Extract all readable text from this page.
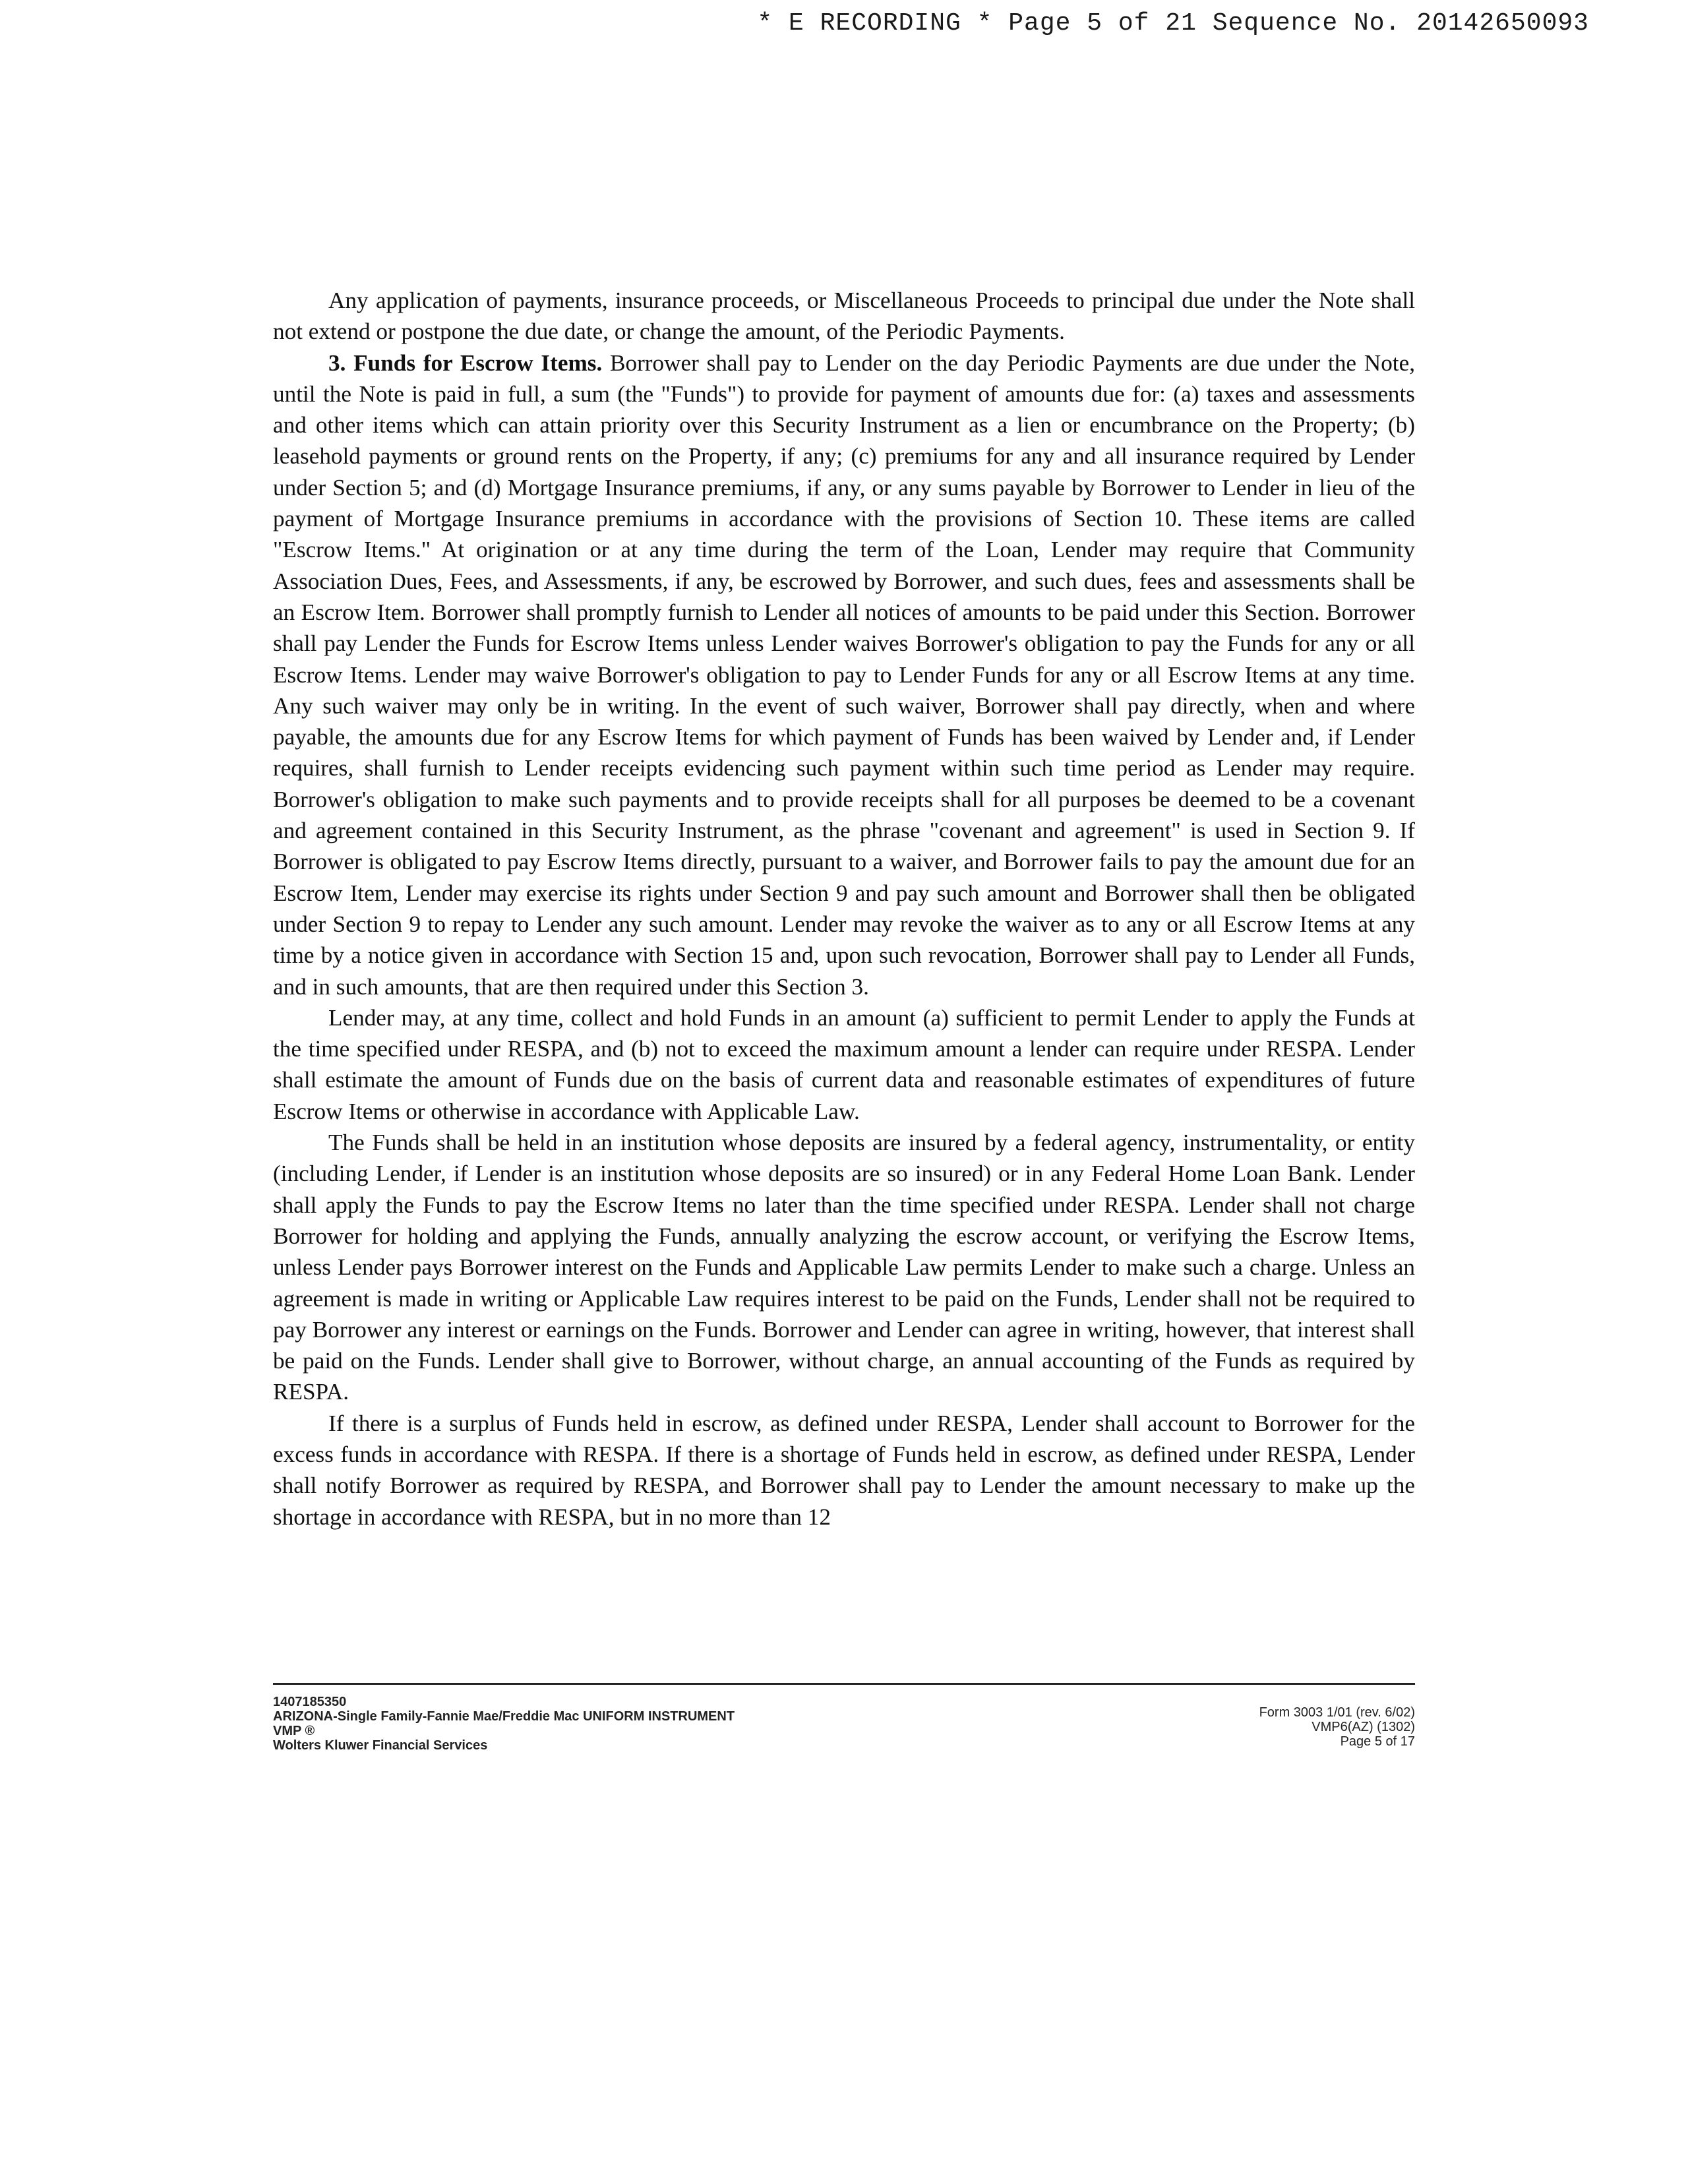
* E RECORDING * Page 5 of 21 Sequence No. 20142650093

Any application of payments, insurance proceeds, or Miscellaneous Proceeds to principal due under the Note shall not extend or postpone the due date, or change the amount, of the Periodic Payments.

3. Funds for Escrow Items. Borrower shall pay to Lender on the day Periodic Payments are due under the Note, until the Note is paid in full, a sum (the "Funds") to provide for payment of amounts due for: (a) taxes and assessments and other items which can attain priority over this Security Instrument as a lien or encumbrance on the Property; (b) leasehold payments or ground rents on the Property, if any; (c) premiums for any and all insurance required by Lender under Section 5; and (d) Mortgage Insurance premiums, if any, or any sums payable by Borrower to Lender in lieu of the payment of Mortgage Insurance premiums in accordance with the provisions of Section 10. These items are called "Escrow Items." At origination or at any time during the term of the Loan, Lender may require that Community Association Dues, Fees, and Assessments, if any, be escrowed by Borrower, and such dues, fees and assessments shall be an Escrow Item. Borrower shall promptly furnish to Lender all notices of amounts to be paid under this Section. Borrower shall pay Lender the Funds for Escrow Items unless Lender waives Borrower's obligation to pay the Funds for any or all Escrow Items. Lender may waive Borrower's obligation to pay to Lender Funds for any or all Escrow Items at any time. Any such waiver may only be in writing. In the event of such waiver, Borrower shall pay directly, when and where payable, the amounts due for any Escrow Items for which payment of Funds has been waived by Lender and, if Lender requires, shall furnish to Lender receipts evidencing such payment within such time period as Lender may require. Borrower's obligation to make such payments and to provide receipts shall for all purposes be deemed to be a covenant and agreement contained in this Security Instrument, as the phrase "covenant and agreement" is used in Section 9. If Borrower is obligated to pay Escrow Items directly, pursuant to a waiver, and Borrower fails to pay the amount due for an Escrow Item, Lender may exercise its rights under Section 9 and pay such amount and Borrower shall then be obligated under Section 9 to repay to Lender any such amount. Lender may revoke the waiver as to any or all Escrow Items at any time by a notice given in accordance with Section 15 and, upon such revocation, Borrower shall pay to Lender all Funds, and in such amounts, that are then required under this Section 3.

Lender may, at any time, collect and hold Funds in an amount (a) sufficient to permit Lender to apply the Funds at the time specified under RESPA, and (b) not to exceed the maximum amount a lender can require under RESPA. Lender shall estimate the amount of Funds due on the basis of current data and reasonable estimates of expenditures of future Escrow Items or otherwise in accordance with Applicable Law.

The Funds shall be held in an institution whose deposits are insured by a federal agency, instrumentality, or entity (including Lender, if Lender is an institution whose deposits are so insured) or in any Federal Home Loan Bank. Lender shall apply the Funds to pay the Escrow Items no later than the time specified under RESPA. Lender shall not charge Borrower for holding and applying the Funds, annually analyzing the escrow account, or verifying the Escrow Items, unless Lender pays Borrower interest on the Funds and Applicable Law permits Lender to make such a charge. Unless an agreement is made in writing or Applicable Law requires interest to be paid on the Funds, Lender shall not be required to pay Borrower any interest or earnings on the Funds. Borrower and Lender can agree in writing, however, that interest shall be paid on the Funds. Lender shall give to Borrower, without charge, an annual accounting of the Funds as required by RESPA.

If there is a surplus of Funds held in escrow, as defined under RESPA, Lender shall account to Borrower for the excess funds in accordance with RESPA. If there is a shortage of Funds held in escrow, as defined under RESPA, Lender shall notify Borrower as required by RESPA, and Borrower shall pay to Lender the amount necessary to make up the shortage in accordance with RESPA, but in no more than 12

1407185350
ARIZONA-Single Family-Fannie Mae/Freddie Mac UNIFORM INSTRUMENT
VMP ®
Wolters Kluwer Financial Services
Form 3003 1/01 (rev. 6/02)
VMP6(AZ) (1302)
Page 5 of 17
